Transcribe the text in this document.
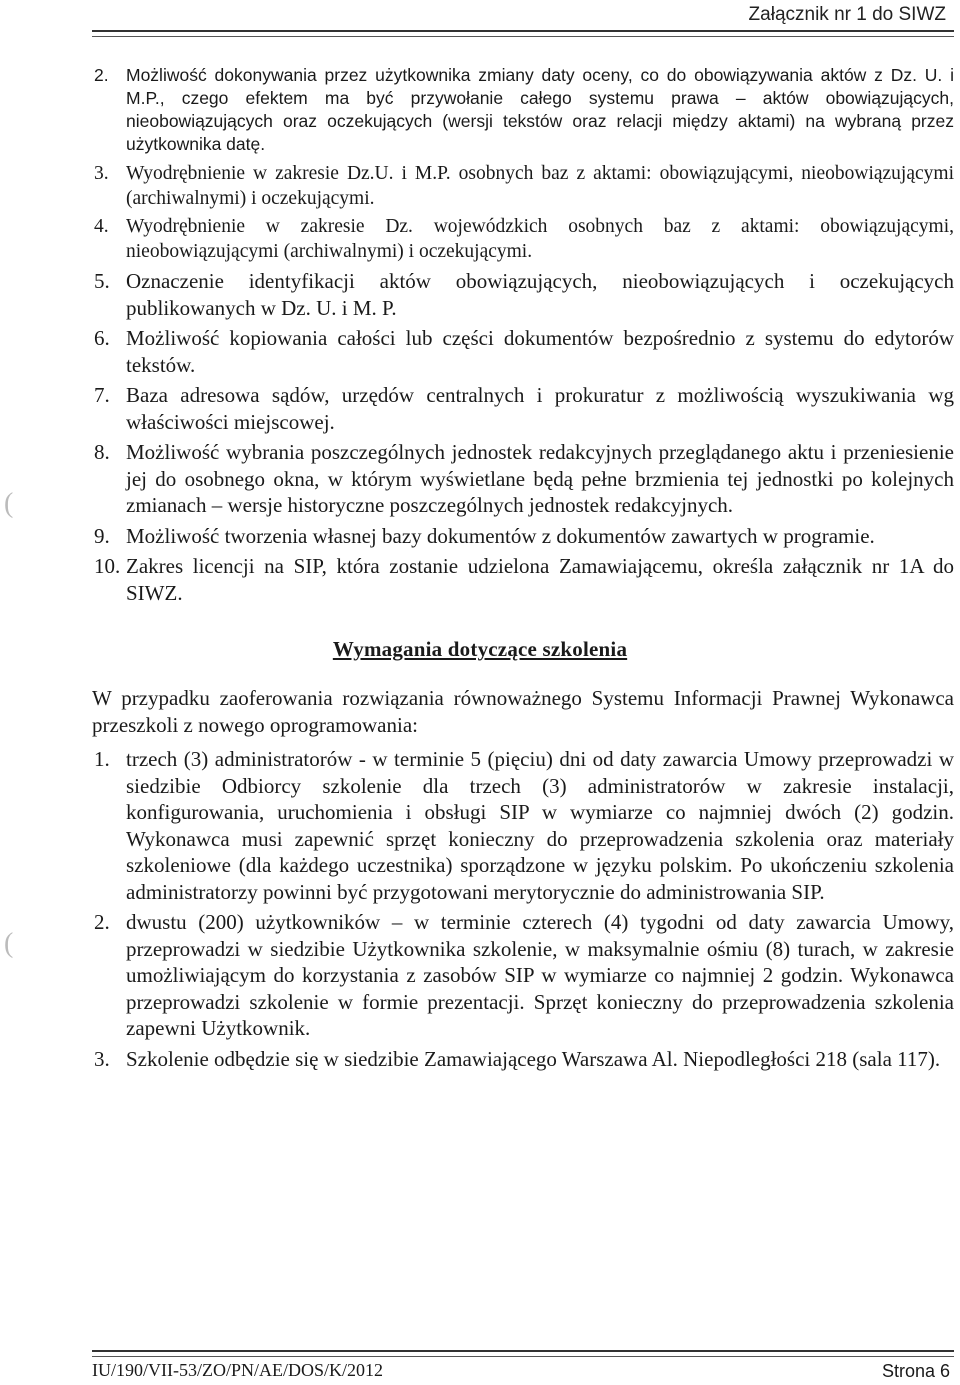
Załącznik nr 1 do SIWZ
(
(
2. Możliwość dokonywania przez użytkownika zmiany daty oceny, co do obowiązywania aktów z Dz. U. i M.P., czego efektem ma być przywołanie całego systemu prawa – aktów obowiązujących, nieobowiązujących oraz oczekujących (wersji tekstów oraz relacji między aktami) na wybraną przez użytkownika datę.
3. Wyodrębnienie w zakresie Dz.U. i M.P. osobnych baz z aktami: obowiązującymi, nieobowiązującymi (archiwalnymi) i oczekującymi.
4. Wyodrębnienie w zakresie Dz. wojewódzkich osobnych baz z aktami: obowiązującymi, nieobowiązującymi (archiwalnymi) i oczekującymi.
5. Oznaczenie identyfikacji aktów obowiązujących, nieobowiązujących i oczekujących publikowanych w Dz. U. i M. P.
6. Możliwość kopiowania całości lub części dokumentów bezpośrednio z systemu do edytorów tekstów.
7. Baza adresowa sądów, urzędów centralnych i prokuratur z możliwością wyszukiwania wg właściwości miejscowej.
8. Możliwość wybrania poszczególnych jednostek redakcyjnych przeglądanego aktu i przeniesienie jej do osobnego okna, w którym wyświetlane będą pełne brzmienia tej jednostki po kolejnych zmianach – wersje historyczne poszczególnych jednostek redakcyjnych.
9. Możliwość tworzenia własnej bazy dokumentów z dokumentów zawartych w programie.
10. Zakres licencji na SIP, która zostanie udzielona Zamawiającemu, określa załącznik nr 1A do SIWZ.
Wymagania dotyczące szkolenia
W przypadku zaoferowania rozwiązania równoważnego Systemu Informacji Prawnej Wykonawca przeszkoli z nowego oprogramowania:
1. trzech (3) administratorów - w terminie 5 (pięciu) dni od daty zawarcia Umowy przeprowadzi w siedzibie Odbiorcy szkolenie dla trzech (3) administratorów w zakresie instalacji, konfigurowania, uruchomienia i obsługi SIP w wymiarze co najmniej dwóch (2) godzin. Wykonawca musi zapewnić sprzęt konieczny do przeprowadzenia szkolenia oraz materiały szkoleniowe (dla każdego uczestnika) sporządzone w języku polskim. Po ukończeniu szkolenia administratorzy powinni być przygotowani merytorycznie do administrowania SIP.
2. dwustu (200) użytkowników – w terminie czterech (4) tygodni od daty zawarcia Umowy, przeprowadzi w siedzibie Użytkownika szkolenie, w maksymalnie ośmiu (8) turach, w zakresie umożliwiającym do korzystania z zasobów SIP w wymiarze co najmniej 2 godzin. Wykonawca przeprowadzi szkolenie w formie prezentacji. Sprzęt konieczny do przeprowadzenia szkolenia zapewni Użytkownik.
3. Szkolenie odbędzie się w siedzibie Zamawiającego Warszawa Al. Niepodległości 218 (sala 117).
IU/190/VII-53/ZO/PN/AE/DOS/K/2012	Strona 6
